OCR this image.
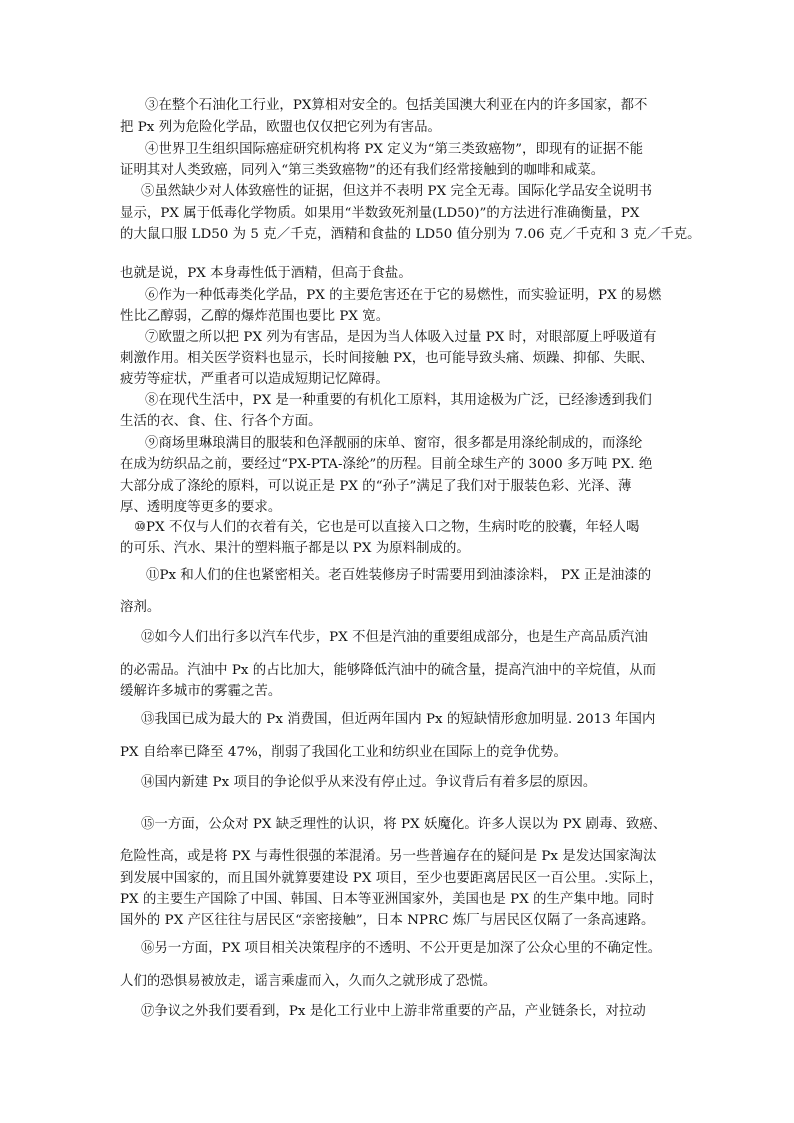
③在整个石油化工行业，PX算相对安全的。包括美国澳大利亚在内的许多国家，都不
把 Px 列为危险化学品，欧盟也仅仅把它列为有害品。
④世界卫生组织国际癌症研究机构将 PX 定义为“第三类致癌物”，即现有的证据不能
证明其对人类致癌，同列入“第三类致癌物”的还有我们经常接触到的咖啡和咸菜。
⑤虽然缺少对人体致癌性的证据，但这并不表明 PX 完全无毒。国际化学品安全说明书
显示，PX 属于低毒化学物质。如果用“半数致死剂量(LD50)”的方法进行准确衡量，PX
的大鼠口服 LD50 为 5 克／千克，酒精和食盐的 LD50 值分别为 7.06 克／千克和 3 克／千克。
也就是说，PX 本身毒性低于酒精，但高于食盐。
⑥作为一种低毒类化学品，PX 的主要危害还在于它的易燃性，而实验证明，PX 的易燃
性比乙醇弱，乙醇的爆炸范围也要比 PX 宽。
⑦欧盟之所以把 PX 列为有害品，是因为当人体吸入过量 PX 时，对眼部厦上呼吸道有
刺激作用。相关医学资料也显示，长时间接触 PX，也可能导致头痛、烦躁、抑郁、失眠、
疲劳等症状，严重者可以造成短期记忆障碍。
⑧在现代生活中，PX 是一种重要的有机化工原料，其用途极为广泛，已经渗透到我们
生活的衣、食、住、行各个方面。
⑨商场里琳琅满目的服装和色泽靓丽的床单、窗帘，很多都是用涤纶制成的，而涤纶
在成为纺织品之前，要经过“PX-PTA-涤纶”的历程。目前全球生产的 3000 多万吨 PX. 绝
大部分成了涤纶的原料，可以说正是 PX 的“孙子”满足了我们对于服装色彩、光泽、薄
厚、透明度等更多的要求。
⑩PX 不仅与人们的衣着有关，它也是可以直接入口之物，生病时吃的胶囊，年轻人喝
的可乐、汽水、果汁的塑料瓶子都是以 PX 为原料制成的。
⑪Px 和人们的住也紧密相关。老百姓装修房子时需要用到油漆涂料， PX 正是油漆的
溶剂。
⑫如今人们出行多以汽车代步，PX 不但是汽油的重要组成部分，也是生产高品质汽油
的必需品。汽油中 Px 的占比加大，能够降低汽油中的硫含量，提高汽油中的辛烷值，从而
缓解许多城市的雾霾之苦。
⑬我国已成为最大的 Px 消费国，但近两年国内 Px 的短缺情形愈加明显. 2013 年国内
PX 自给率已降至 47%，削弱了我国化工业和纺织业在国际上的竞争优势。
⑭国内新建 Px 项目的争论似乎从来没有停止过。争议背后有着多层的原因。
⑮一方面，公众对 PX 缺乏理性的认识，将 PX 妖魔化。许多人误以为 PX 剧毒、致癌、
危险性高，或是将 PX 与毒性很强的苯混淆。另一些普遍存在的疑问是 Px 是发达国家淘汰
到发展中国家的，而且国外就算要建设 PX 项目，至少也要距离居民区一百公里。.实际上，
PX 的主要生产国除了中国、韩国、日本等亚洲国家外，美国也是 PX 的生产集中地。同时
国外的 PX 产区往往与居民区“亲密接触”，日本 NPRC 炼厂与居民区仅隔了一条高速路。
⑯另一方面，PX 项目相关决策程序的不透明、不公开更是加深了公众心里的不确定性。
人们的恐惧易被放走，谣言乘虚而入，久而久之就形成了恐慌。
⑰争议之外我们要看到，Px 是化工行业中上游非常重要的产品，产业链条长，对拉动
